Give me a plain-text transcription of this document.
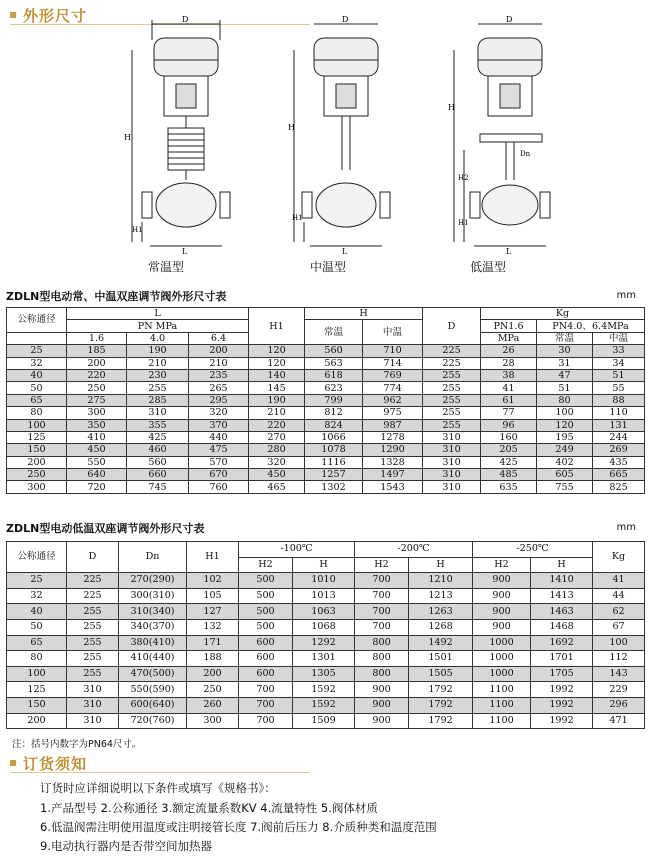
外形尺寸	D
H
H1
L
常温型
D
H
H1
L
中温型
D
H
H2
H1
Dn
L
低温型
ZDLN型电动常、中温双座调节阀外形尺寸表	mm
公称通径	L			H1	H		D	Kg		
	PN MPa				常温	中温		PN1.6	PN4.0、6.4MPa	
	1.6	4.0	6.4					MPa	常温	中温
25	185	190	200	120	560	710	225	26	30	33
32	200	210	210	120	563	714	225	28	31	34
40	220	230	235	140	618	769	255	38	47	51
50	250	255	265	145	623	774	255	41	51	55
65	275	285	295	190	799	962	255	61	80	88
80	300	310	320	210	812	975	255	77	100	110
100	350	355	370	220	824	987	255	96	120	131
125	410	425	440	270	1066	1278	310	160	195	244
150	450	460	475	280	1078	1290	310	205	249	269
200	550	560	570	320	1116	1328	310	425	402	435
250	640	660	670	450	1257	1497	310	485	605	665
300	720	745	760	465	1302	1543	310	635	755	825
ZDLN型电动低温双座调节阀外形尺寸表	mm
公称通径	D	Dn	H1	-100℃		-200℃		-250℃		Kg
				H2	H	H2	H	H2	H	
25	225	270(290)	102	500	1010	700	1210	900	1410	41
32	225	300(310)	105	500	1013	700	1213	900	1413	44
40	255	310(340)	127	500	1063	700	1263	900	1463	62
50	255	340(370)	132	500	1068	700	1268	900	1468	67
65	255	380(410)	171	600	1292	800	1492	1000	1692	100
80	255	410(440)	188	600	1301	800	1501	1000	1701	112
100	255	470(500)	200	600	1305	800	1505	1000	1705	143
125	310	550(590)	250	700	1592	900	1792	1100	1992	229
150	310	600(640)	260	700	1592	900	1792	1100	1992	296
200	310	720(760)	300	700	1509	900	1792	1100	1992	471
注：括号内数字为PN64尺寸。
订货须知

订货时应详细说明以下条件或填写《规格书》：

1.产品型号 2.公称通径 3.额定流量系数KV 4.流量特性 5.阀体材质

6.低温阀需注明使用温度或注明接管长度 7.阀前后压力 8.介质种类和温度范围

9.电动执行器内是否带空间加热器
